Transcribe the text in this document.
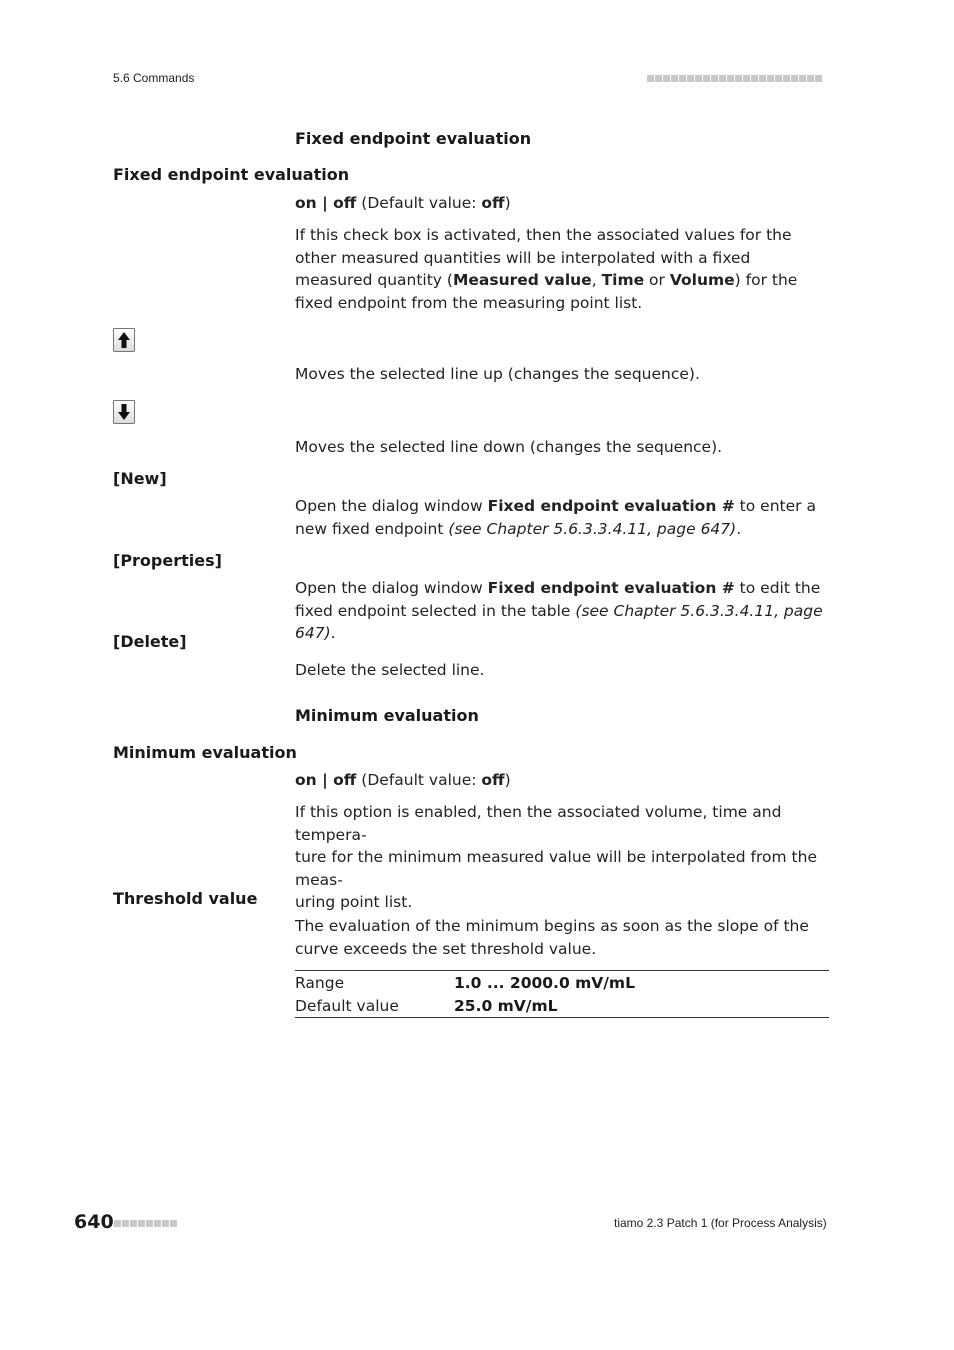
5.6 Commands
Fixed endpoint evaluation
Fixed endpoint evaluation
on | off (Default value: off)
If this check box is activated, then the associated values for the other measured quantities will be interpolated with a fixed measured quantity (Measured value, Time or Volume) for the fixed endpoint from the measuring point list.
Moves the selected line up (changes the sequence).
Moves the selected line down (changes the sequence).
[New]
Open the dialog window Fixed endpoint evaluation # to enter a new fixed endpoint (see Chapter 5.6.3.3.4.11, page 647).
[Properties]
Open the dialog window Fixed endpoint evaluation # to edit the fixed endpoint selected in the table (see Chapter 5.6.3.3.4.11, page 647).
[Delete]
Delete the selected line.
Minimum evaluation
Minimum evaluation
on | off (Default value: off)
If this option is enabled, then the associated volume, time and tempera-
ture for the minimum measured value will be interpolated from the meas-
uring point list.
Threshold value
The evaluation of the minimum begins as soon as the slope of the curve exceeds the set threshold value.
Range	1.0 ... 2000.0 mV/mL
Default value	25.0 mV/mL
640	tiamo 2.3 Patch 1 (for Process Analysis)
